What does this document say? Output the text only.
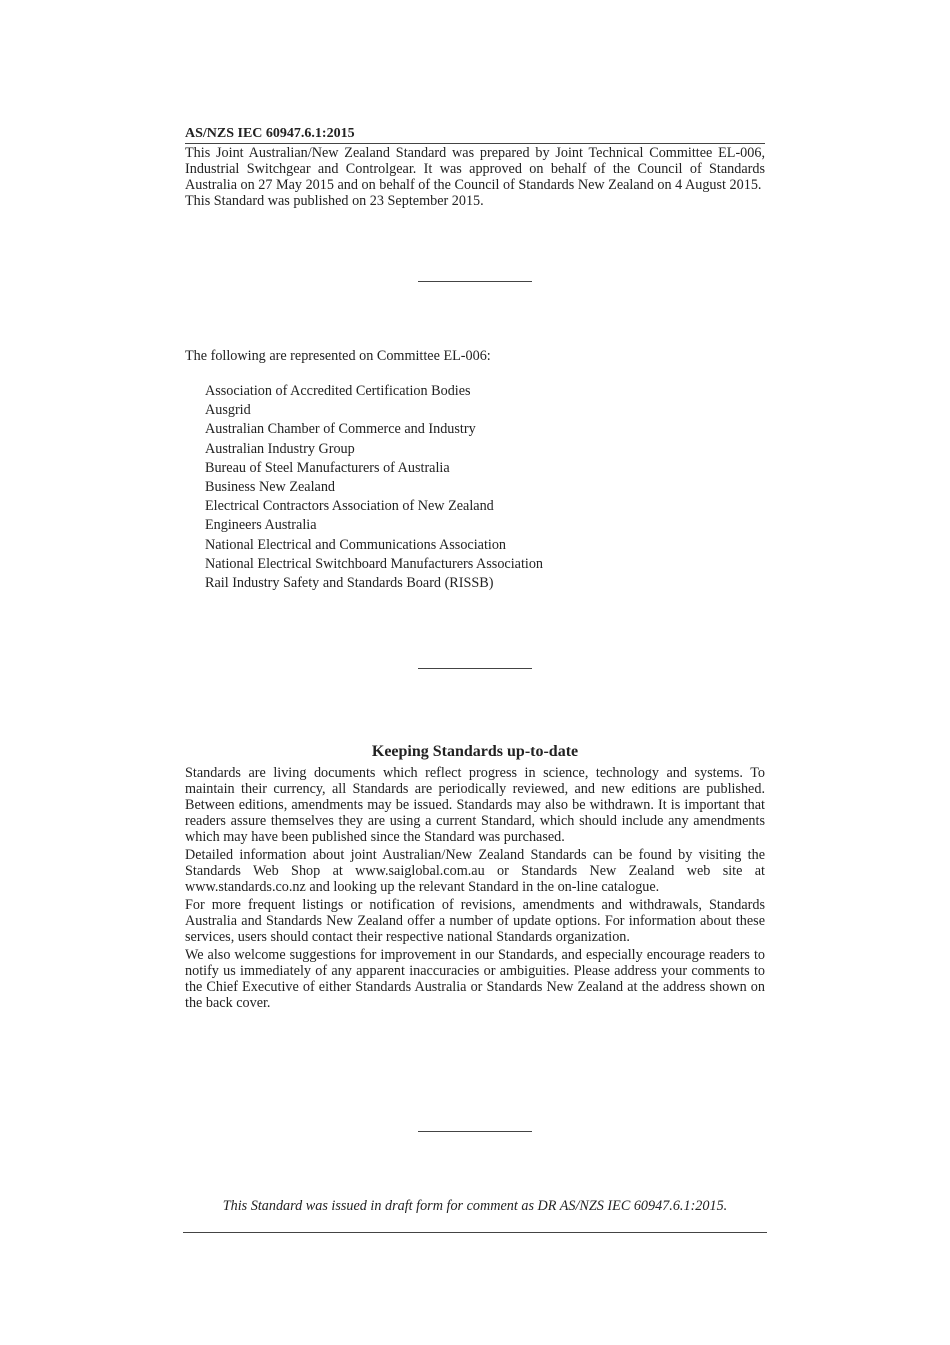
AS/NZS IEC 60947.6.1:2015

This Joint Australian/New Zealand Standard was prepared by Joint Technical Committee EL-006, Industrial Switchgear and Controlgear. It was approved on behalf of the Council of Standards Australia on 27 May 2015 and on behalf of the Council of Standards New Zealand on 4 August 2015.

This Standard was published on 23 September 2015.

The following are represented on Committee EL-006:
Association of Accredited Certification Bodies
Ausgrid
Australian Chamber of Commerce and Industry
Australian Industry Group
Bureau of Steel Manufacturers of Australia
Business New Zealand
Electrical Contractors Association of New Zealand
Engineers Australia
National Electrical and Communications Association
National Electrical Switchboard Manufacturers Association
Rail Industry Safety and Standards Board (RISSB)
Keeping Standards up-to-date

Standards are living documents which reflect progress in science, technology and systems. To maintain their currency, all Standards are periodically reviewed, and new editions are published. Between editions, amendments may be issued. Standards may also be withdrawn. It is important that readers assure themselves they are using a current Standard, which should include any amendments which may have been published since the Standard was purchased.

Detailed information about joint Australian/New Zealand Standards can be found by visiting the Standards Web Shop at www.saiglobal.com.au or Standards New Zealand web site at www.standards.co.nz and looking up the relevant Standard in the on-line catalogue.

For more frequent listings or notification of revisions, amendments and withdrawals, Standards Australia and Standards New Zealand offer a number of update options. For information about these services, users should contact their respective national Standards organization.

We also welcome suggestions for improvement in our Standards, and especially encourage readers to notify us immediately of any apparent inaccuracies or ambiguities. Please address your comments to the Chief Executive of either Standards Australia or Standards New Zealand at the address shown on the back cover.

This Standard was issued in draft form for comment as DR AS/NZS IEC 60947.6.1:2015.
